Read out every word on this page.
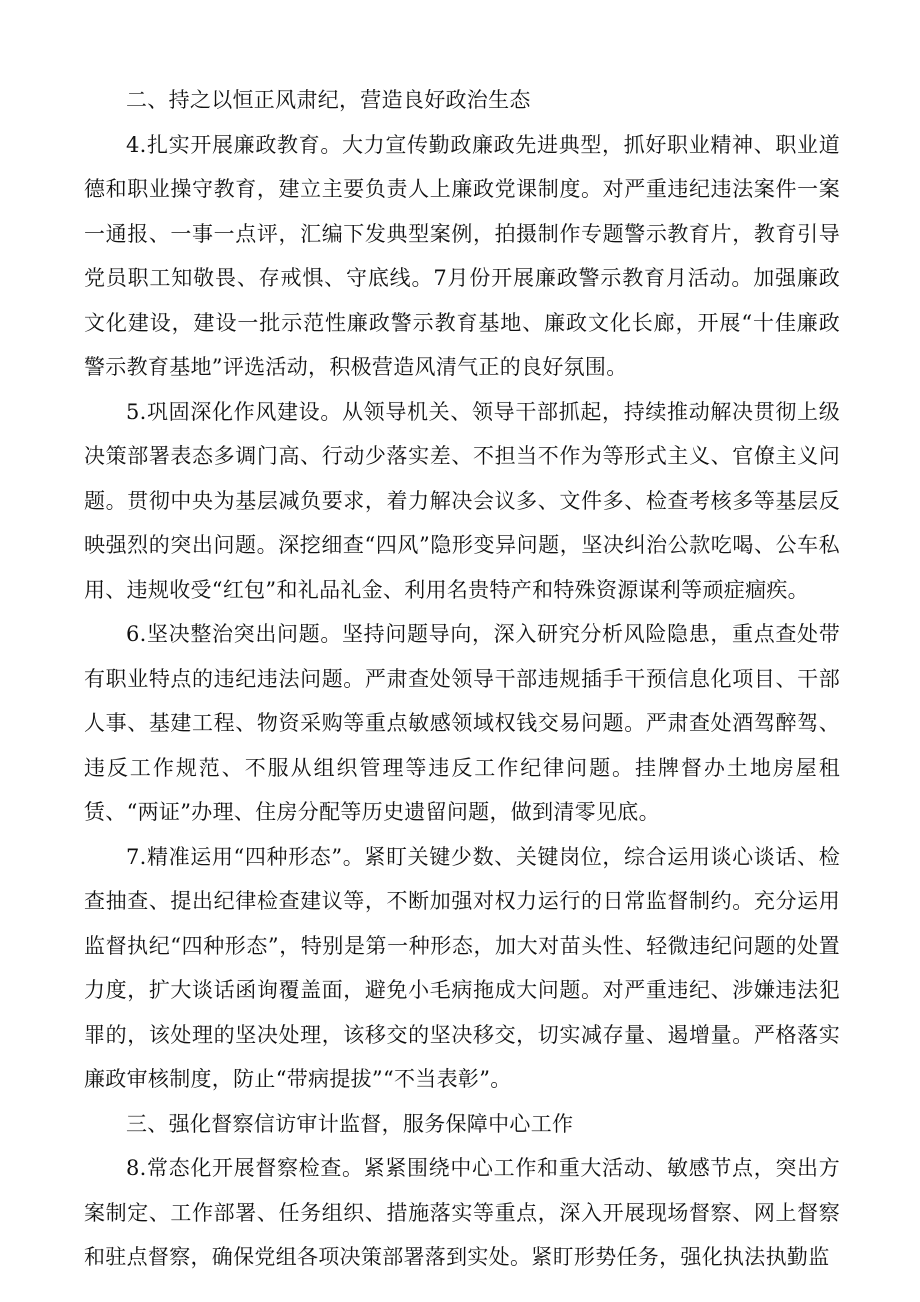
二、持之以恒正风肃纪，营造良好政治生态

4.扎实开展廉政教育。大力宣传勤政廉政先进典型，抓好职业精神、职业道德和职业操守教育，建立主要负责人上廉政党课制度。对严重违纪违法案件一案一通报、一事一点评，汇编下发典型案例，拍摄制作专题警示教育片，教育引导党员职工知敬畏、存戒惧、守底线。7月份开展廉政警示教育月活动。加强廉政文化建设，建设一批示范性廉政警示教育基地、廉政文化长廊，开展“十佳廉政警示教育基地”评选活动，积极营造风清气正的良好氛围。

5.巩固深化作风建设。从领导机关、领导干部抓起，持续推动解决贯彻上级决策部署表态多调门高、行动少落实差、不担当不作为等形式主义、官僚主义问题。贯彻中央为基层减负要求，着力解决会议多、文件多、检查考核多等基层反映强烈的突出问题。深挖细查“四风”隐形变异问题，坚决纠治公款吃喝、公车私用、违规收受“红包”和礼品礼金、利用名贵特产和特殊资源谋利等顽症痼疾。

6.坚决整治突出问题。坚持问题导向，深入研究分析风险隐患，重点查处带有职业特点的违纪违法问题。严肃查处领导干部违规插手干预信息化项目、干部人事、基建工程、物资采购等重点敏感领域权钱交易问题。严肃查处酒驾醉驾、违反工作规范、不服从组织管理等违反工作纪律问题。挂牌督办土地房屋租赁、“两证”办理、住房分配等历史遗留问题，做到清零见底。

7.精准运用“四种形态”。紧盯关键少数、关键岗位，综合运用谈心谈话、检查抽查、提出纪律检查建议等，不断加强对权力运行的日常监督制约。充分运用监督执纪“四种形态”，特别是第一种形态，加大对苗头性、轻微违纪问题的处置力度，扩大谈话函询覆盖面，避免小毛病拖成大问题。对严重违纪、涉嫌违法犯罪的，该处理的坚决处理，该移交的坚决移交，切实减存量、遏增量。严格落实廉政审核制度，防止“带病提拔”“不当表彰”。

三、强化督察信访审计监督，服务保障中心工作

8.常态化开展督察检查。紧紧围绕中心工作和重大活动、敏感节点，突出方案制定、工作部署、任务组织、措施落实等重点，深入开展现场督察、网上督察和驻点督察，确保党组各项决策部署落到实处。紧盯形势任务，强化执法执勤监
